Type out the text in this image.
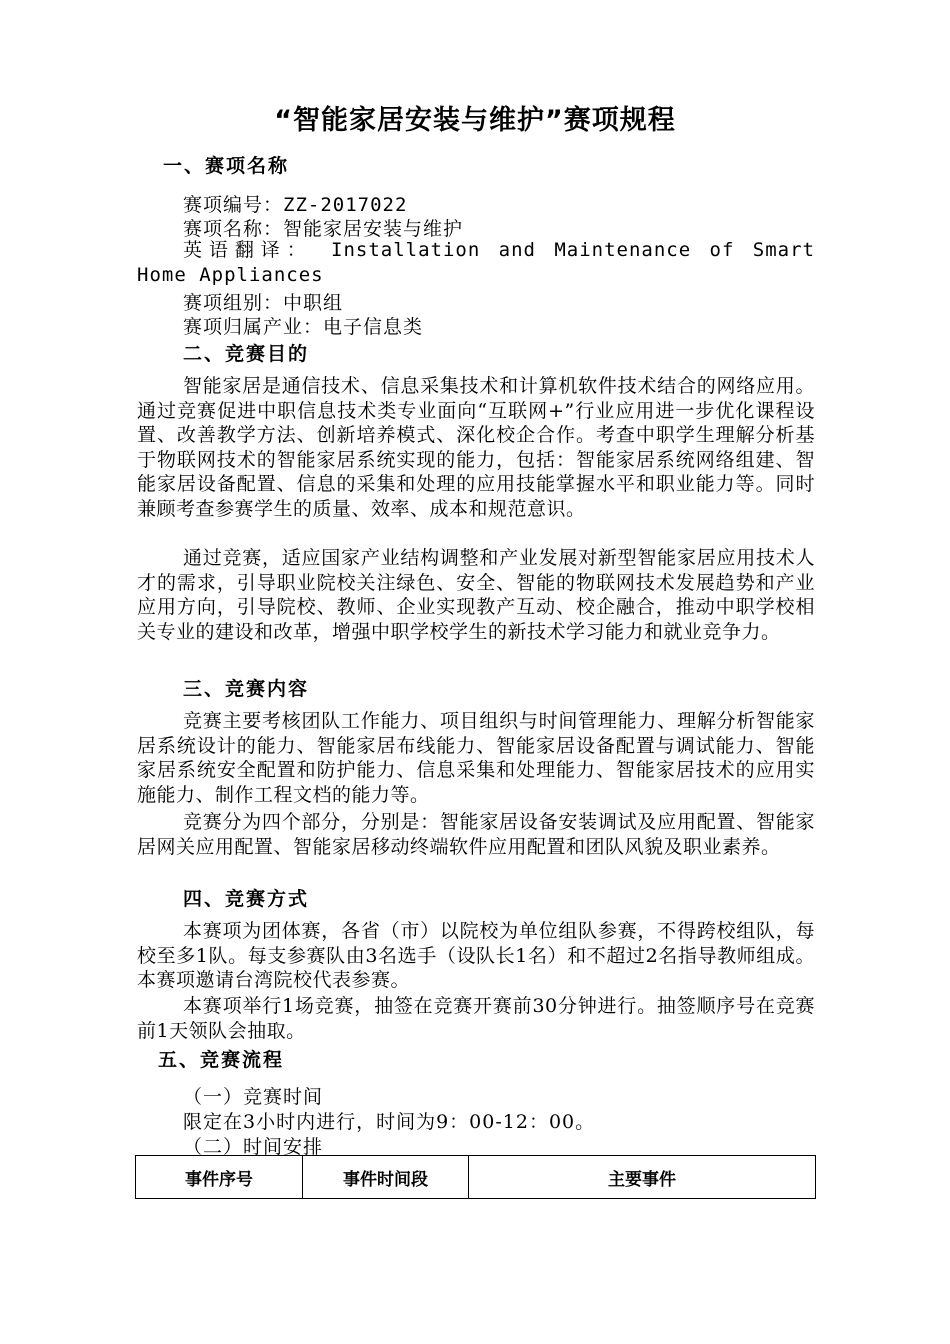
“智能家居安装与维护”赛项规程
一、赛项名称
赛项编号：ZZ-2017022
赛项名称：智能家居安装与维护
英语翻译： Installation and Maintenance of Smart Home Appliances
赛项组别：中职组
赛项归属产业：电子信息类
二、竞赛目的

智能家居是通信技术、信息采集技术和计算机软件技术结合的网络应用。通过竞赛促进中职信息技术类专业面向“互联网+”行业应用进一步优化课程设置、改善教学方法、创新培养模式、深化校企合作。考查中职学生理解分析基于物联网技术的智能家居系统实现的能力，包括：智能家居系统网络组建、智能家居设备配置、信息的采集和处理的应用技能掌握水平和职业能力等。同时兼顾考查参赛学生的质量、效率、成本和规范意识。

通过竞赛，适应国家产业结构调整和产业发展对新型智能家居应用技术人才的需求，引导职业院校关注绿色、安全、智能的物联网技术发展趋势和产业应用方向，引导院校、教师、企业实现教产互动、校企融合，推动中职学校相关专业的建设和改革，增强中职学校学生的新技术学习能力和就业竞争力。

三、竞赛内容

竞赛主要考核团队工作能力、项目组织与时间管理能力、理解分析智能家居系统设计的能力、智能家居布线能力、智能家居设备配置与调试能力、智能家居系统安全配置和防护能力、信息采集和处理能力、智能家居技术的应用实施能力、制作工程文档的能力等。

竞赛分为四个部分，分别是：智能家居设备安装调试及应用配置、智能家居网关应用配置、智能家居移动终端软件应用配置和团队风貌及职业素养。

四、竞赛方式

本赛项为团体赛，各省（市）以院校为单位组队参赛，不得跨校组队，每校至多1队。每支参赛队由3名选手（设队长1名）和不超过2名指导教师组成。本赛项邀请台湾院校代表参赛。

本赛项举行1场竞赛，抽签在竞赛开赛前30分钟进行。抽签顺序号在竞赛前1天领队会抽取。

五、竞赛流程
（一）竞赛时间
限定在3小时内进行，时间为9：00-12：00。
（二）时间安排
事件序号	事件时间段	主要事件
